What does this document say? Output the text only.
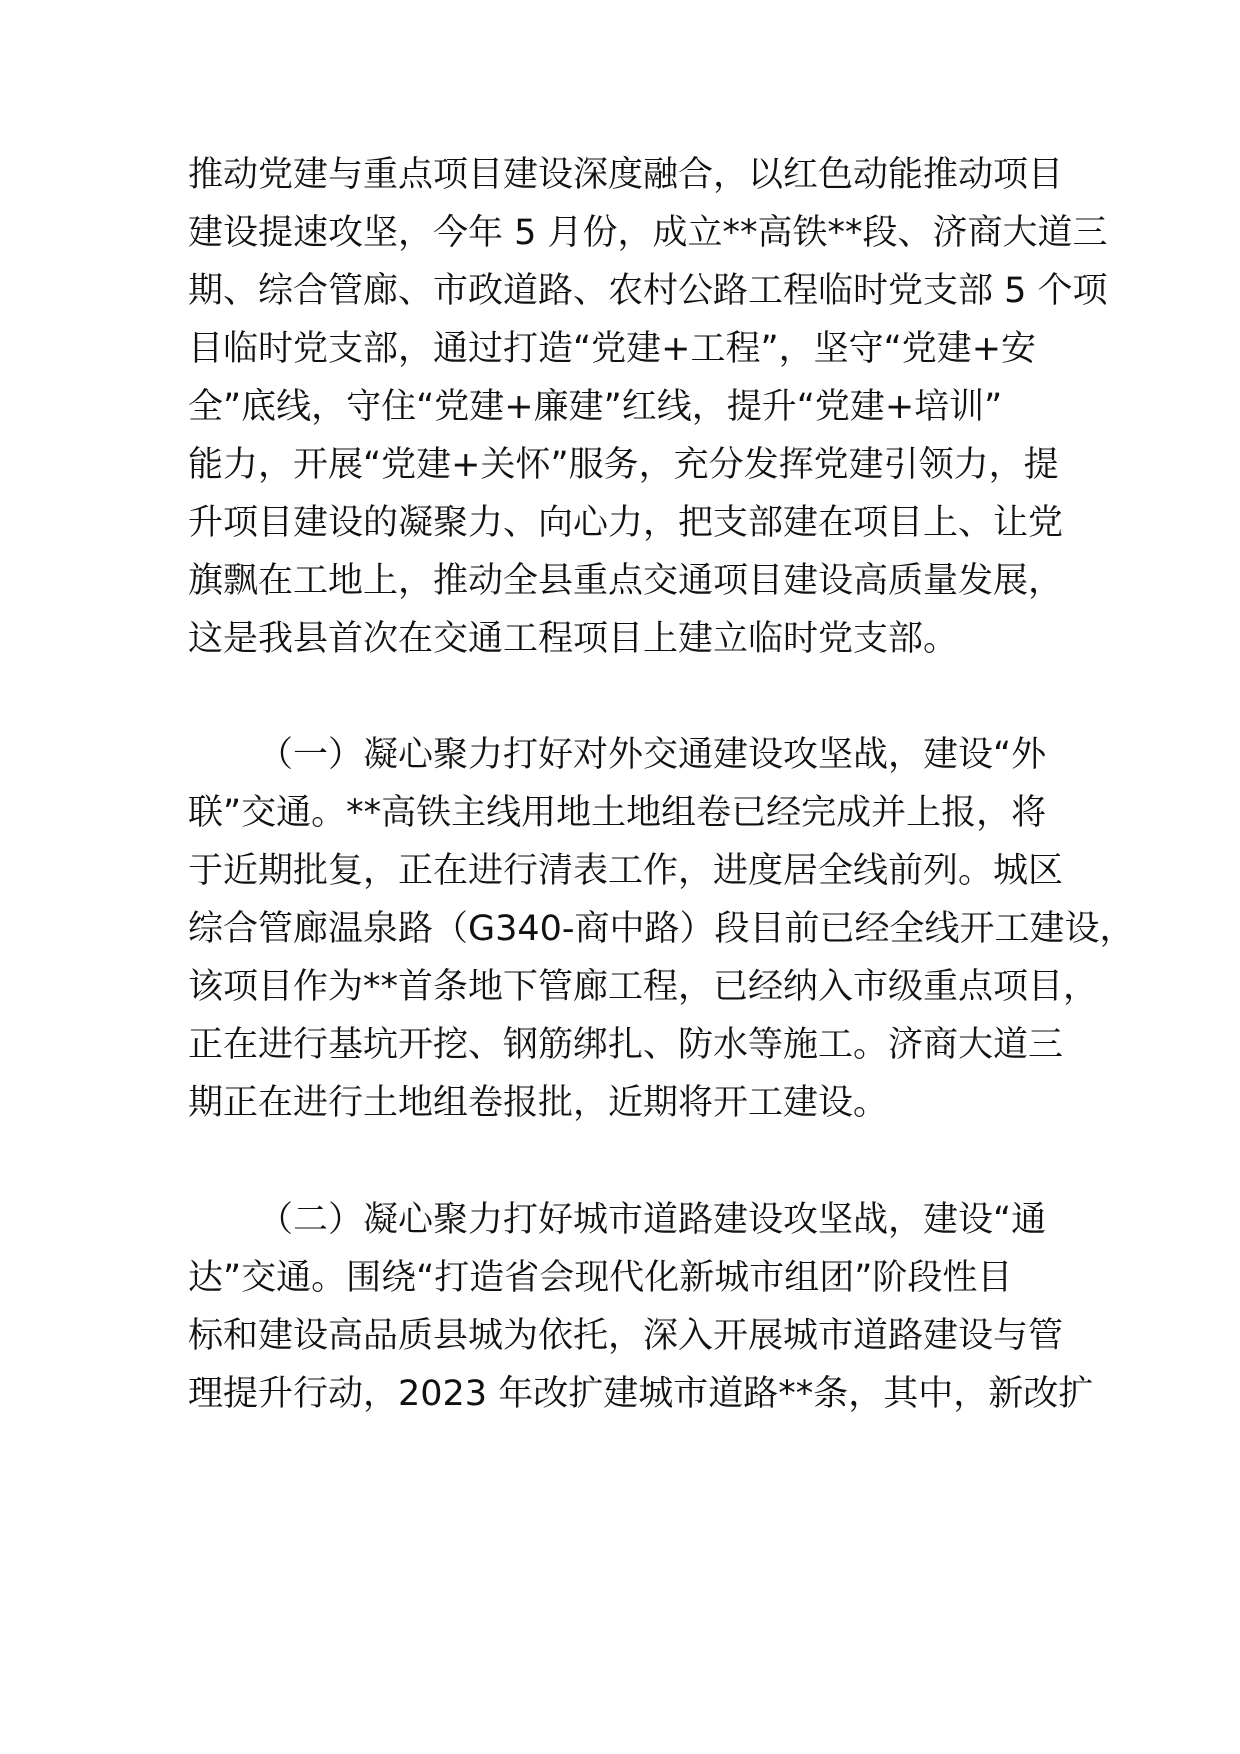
推动党建与重点项目建设深度融合，以红色动能推动项目
建设提速攻坚，今年 5 月份，成立**高铁**段、济商大道三
期、综合管廊、市政道路、农村公路工程临时党支部 5 个项
目临时党支部，通过打造“党建+工程”，坚守“党建+安
全”底线，守住“党建+廉建”红线，提升“党建+培训”
能力，开展“党建+关怀”服务，充分发挥党建引领力，提
升项目建设的凝聚力、向心力，把支部建在项目上、让党
旗飘在工地上，推动全县重点交通项目建设高质量发展，
这是我县首次在交通工程项目上建立临时党支部。
（一）凝心聚力打好对外交通建设攻坚战，建设“外
联”交通。**高铁主线用地土地组卷已经完成并上报，将
于近期批复，正在进行清表工作，进度居全线前列。城区
综合管廊温泉路（G340-商中路）段目前已经全线开工建设，
该项目作为**首条地下管廊工程，已经纳入市级重点项目，
正在进行基坑开挖、钢筋绑扎、防水等施工。济商大道三
期正在进行土地组卷报批，近期将开工建设。
（二）凝心聚力打好城市道路建设攻坚战，建设“通
达”交通。围绕“打造省会现代化新城市组团”阶段性目
标和建设高品质县城为依托，深入开展城市道路建设与管
理提升行动，2023 年改扩建城市道路**条，其中，新改扩
